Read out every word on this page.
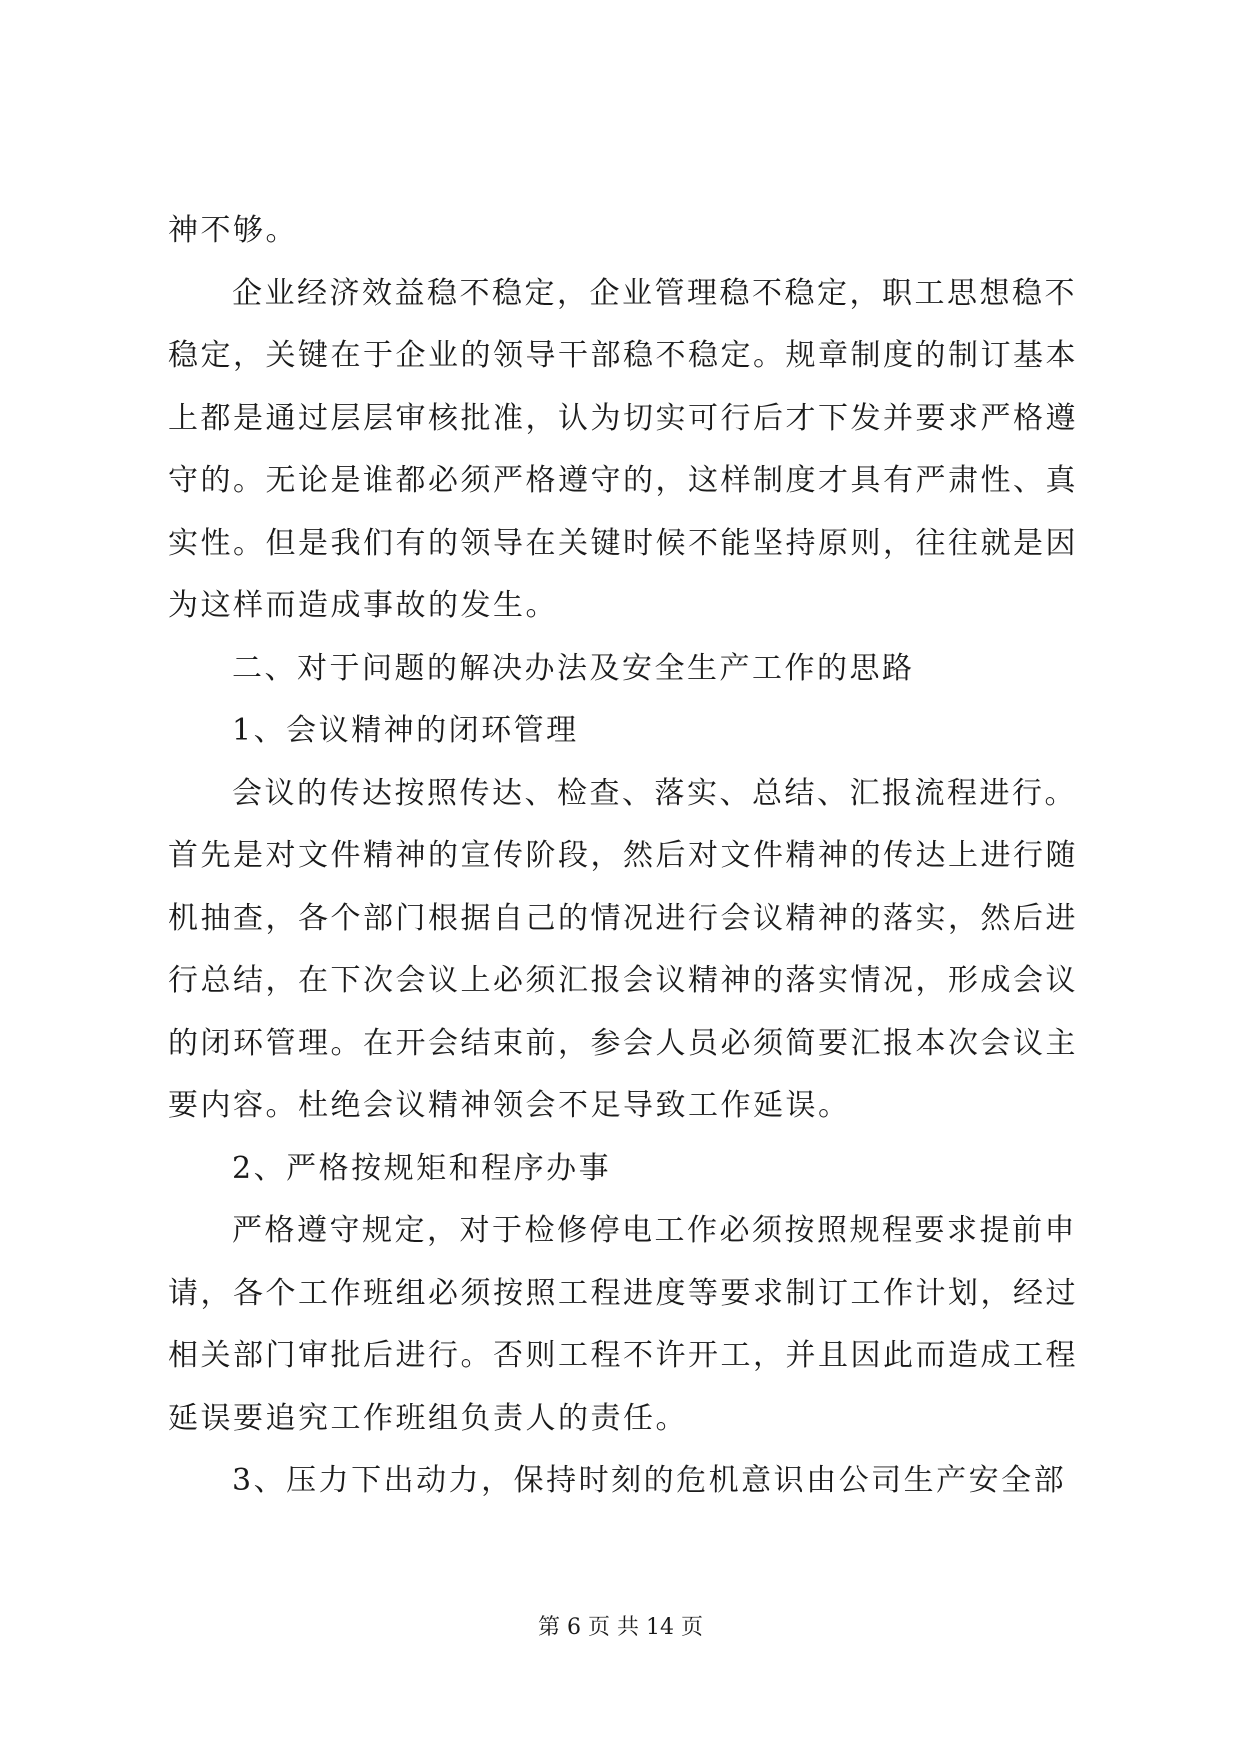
神不够。
企业经济效益稳不稳定，企业管理稳不稳定，职工思想稳不
稳定，关键在于企业的领导干部稳不稳定。规章制度的制订基本
上都是通过层层审核批准，认为切实可行后才下发并要求严格遵
守的。无论是谁都必须严格遵守的，这样制度才具有严肃性、真
实性。但是我们有的领导在关键时候不能坚持原则，往往就是因
为这样而造成事故的发生。
二、对于问题的解决办法及安全生产工作的思路
1、会议精神的闭环管理
会议的传达按照传达、检查、落实、总结、汇报流程进行。
首先是对文件精神的宣传阶段，然后对文件精神的传达上进行随
机抽查，各个部门根据自己的情况进行会议精神的落实，然后进
行总结，在下次会议上必须汇报会议精神的落实情况，形成会议
的闭环管理。在开会结束前，参会人员必须简要汇报本次会议主
要内容。杜绝会议精神领会不足导致工作延误。
2、严格按规矩和程序办事
严格遵守规定，对于检修停电工作必须按照规程要求提前申
请，各个工作班组必须按照工程进度等要求制订工作计划，经过
相关部门审批后进行。否则工程不许开工，并且因此而造成工程
延误要追究工作班组负责人的责任。
3、压力下出动力，保持时刻的危机意识由公司生产安全部
第 6 页 共 14 页
